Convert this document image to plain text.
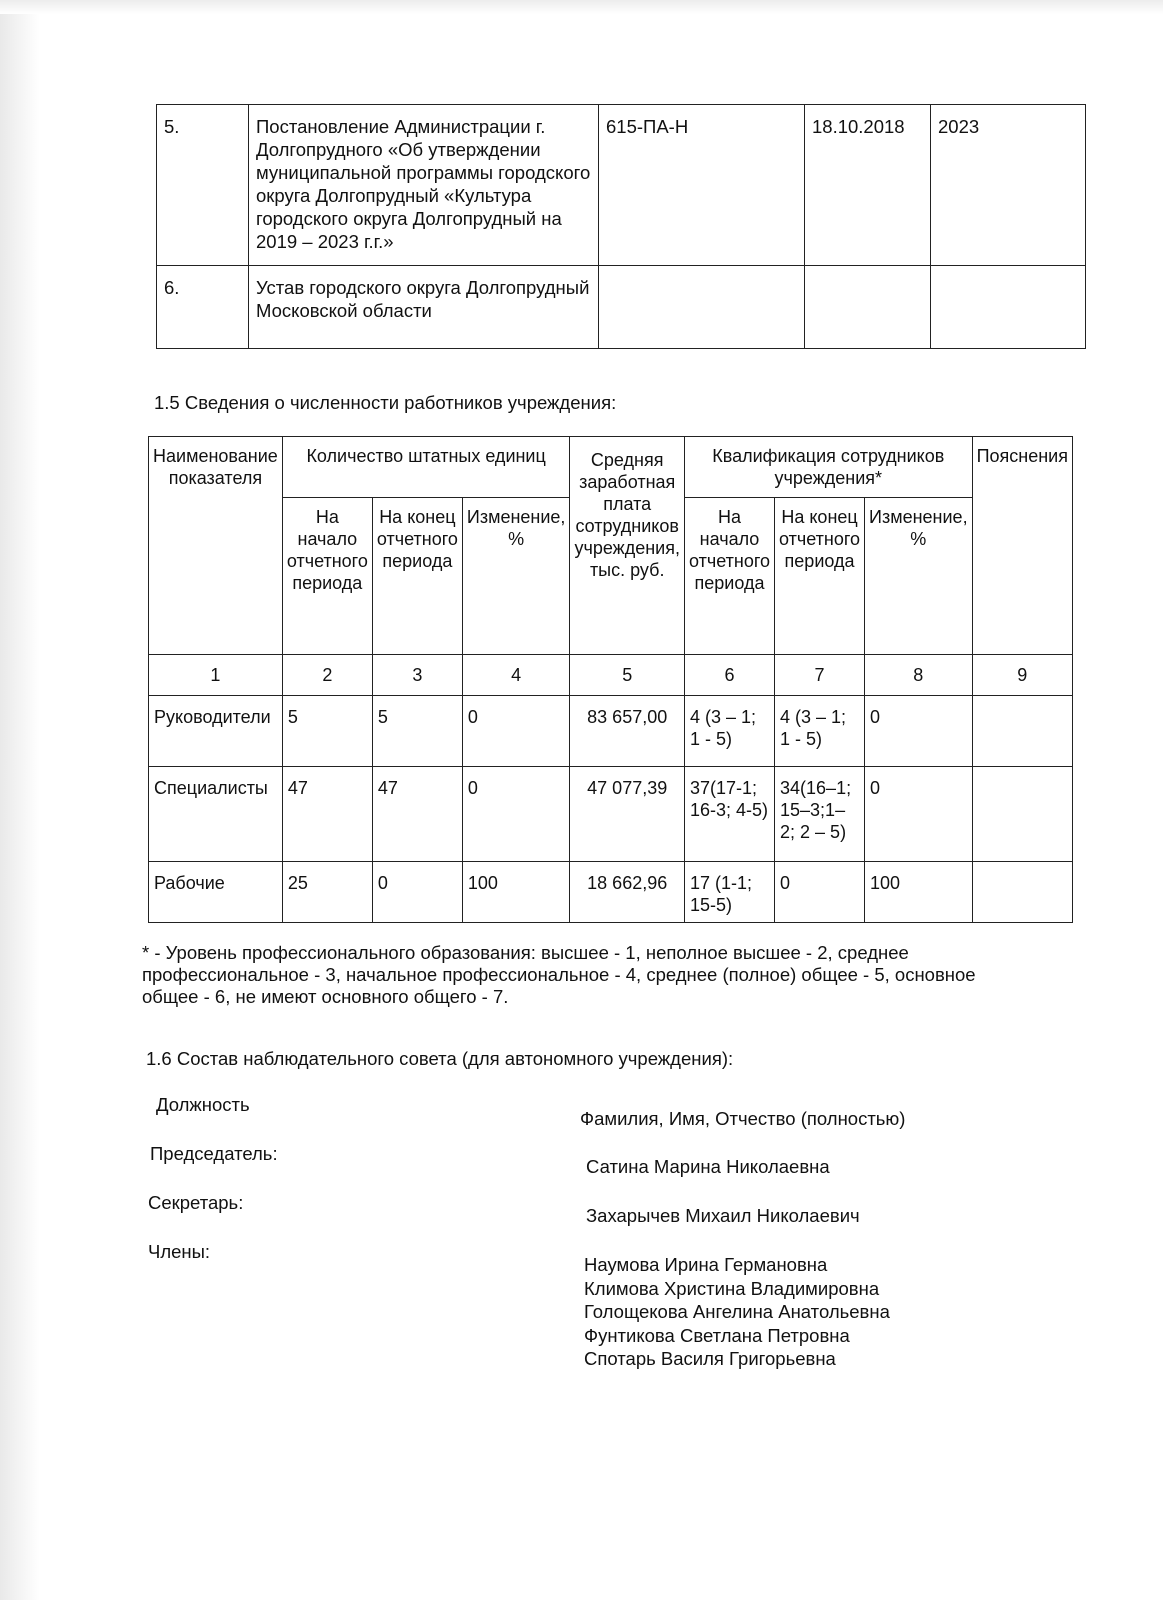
5.	Постановление Администрации г. Долгопрудного «Об утверждении муниципальной программы городского округа Долгопрудный «Культура городского округа Долгопрудный на 2019 – 2023 г.г.»	615-ПА-Н	18.10.2018	2023
6.	Устав городского округа Долгопрудный Московской области			
1.5 Сведения о численности работников учреждения:
Наименование показателя	Количество штатных единиц			Средняя заработная плата сотрудников учреждения, тыс. руб.	Квалификация сотрудников учреждения*			Пояснения
	На начало отчетного периода	На конец отчетного периода	Изменение, %		На начало отчетного периода	На конец отчетного периода	Изменение, %	
1	2	3	4	5	6	7	8	9
Руководители	5	5	0	83 657,00	4 (3 – 1; 1 - 5)	4 (3 – 1; 1 - 5)	0	
Специалисты	47	47	0	47 077,39	37(17-1; 16-3; 4-5)	34(16–1; 15–3;1–2; 2 – 5)	0	
Рабочие	25	0	100	18 662,96	17 (1-1; 15-5)	0	100	
* - Уровень профессионального образования: высшее - 1, неполное высшее - 2, среднее профессиональное - 3, начальное профессиональное - 4, среднее (полное) общее - 5, основное общее - 6, не имеют основного общего - 7.
1.6 Состав наблюдательного совета (для автономного учреждения):
Должность
Фамилия, Имя, Отчество (полностью)
Председатель:
Сатина Марина Николаевна
Секретарь:
Захарычев Михаил Николаевич
Члены:
Наумова Ирина Германовна
Климова Христина Владимировна
Голощекова Ангелина Анатольевна
Фунтикова Светлана Петровна
Спотарь Василя Григорьевна
